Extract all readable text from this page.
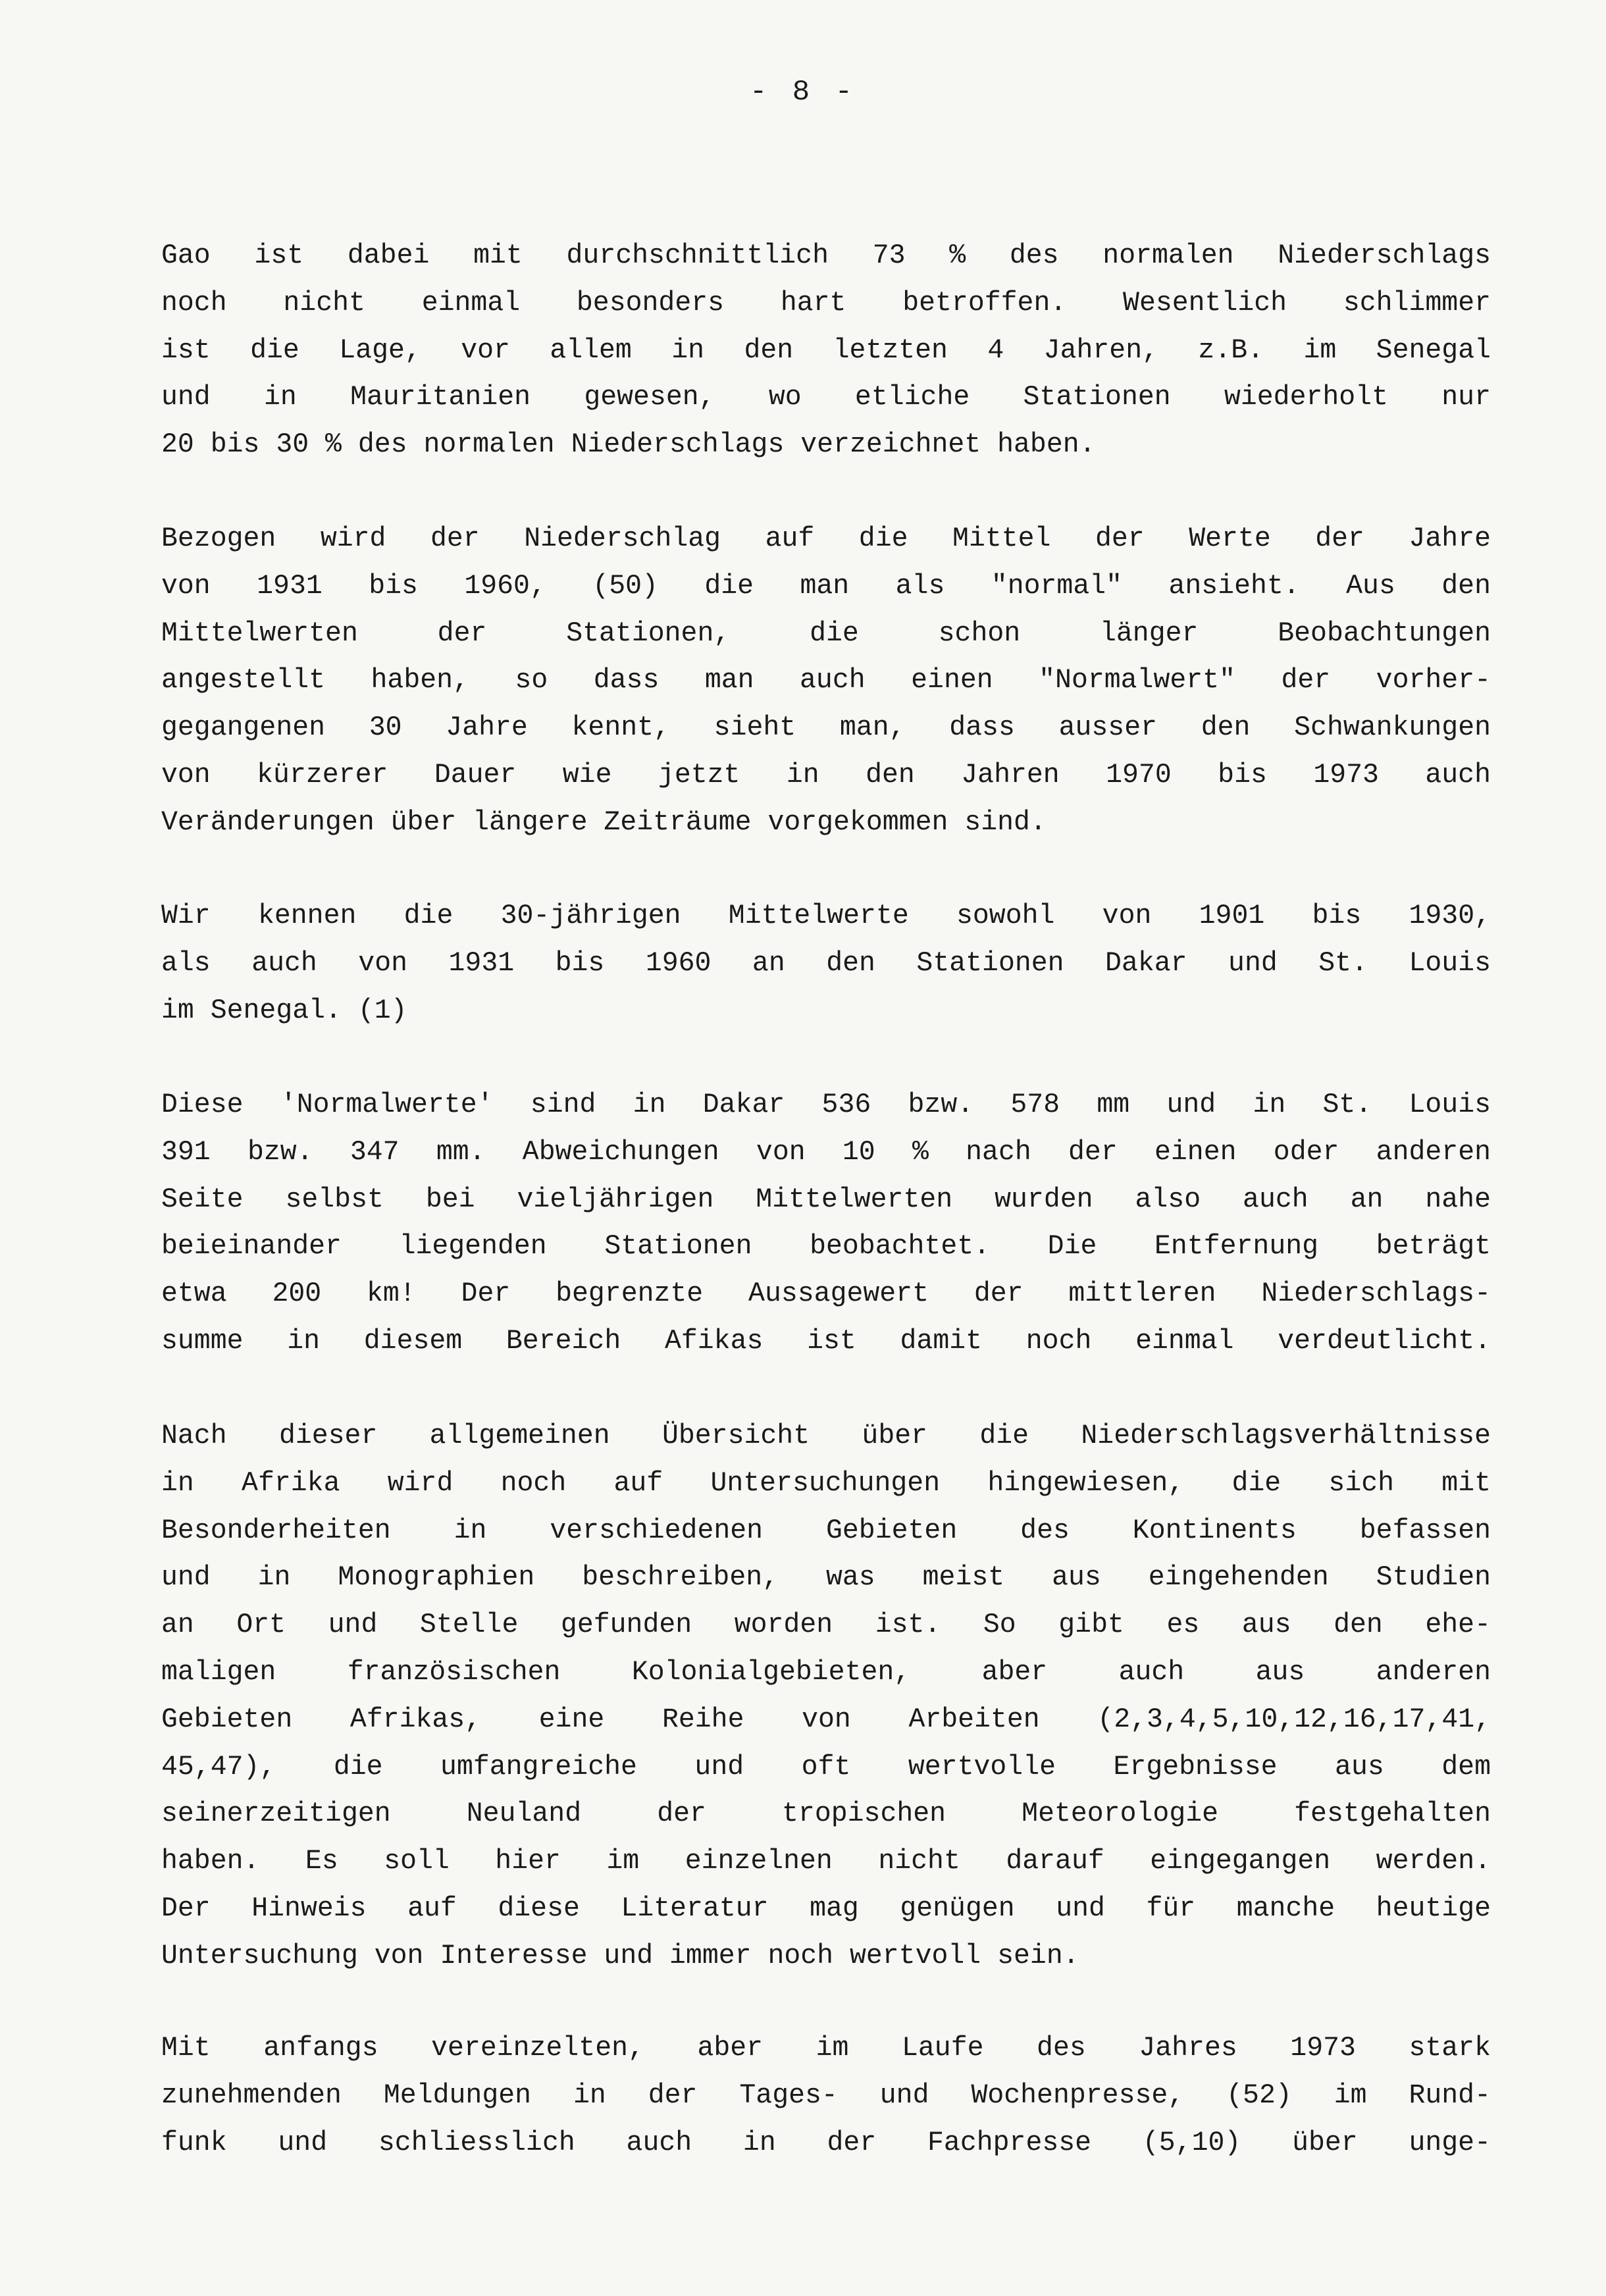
- 8 -
Gao ist dabei mit durchschnittlich 73 % des normalen Niederschlags
noch nicht einmal besonders hart betroffen. Wesentlich schlimmer
ist die Lage, vor allem in den letzten 4 Jahren, z.B. im Senegal
und in Mauritanien gewesen, wo etliche Stationen wiederholt nur
20 bis 30 % des normalen Niederschlags verzeichnet haben.
Bezogen wird der Niederschlag auf die Mittel der Werte der Jahre
von 1931 bis 1960, (50) die man als "normal" ansieht. Aus den
Mittelwerten der Stationen, die schon länger Beobachtungen
angestellt haben, so dass man auch einen "Normalwert" der vorher-
gegangenen 30 Jahre kennt, sieht man, dass ausser den Schwankungen
von kürzerer Dauer wie jetzt in den Jahren 1970 bis 1973 auch
Veränderungen über längere Zeiträume vorgekommen sind.
Wir kennen die 30-jährigen Mittelwerte sowohl von 1901 bis 1930,
als auch von 1931 bis 1960 an den Stationen Dakar und St. Louis
im Senegal. (1)
Diese 'Normalwerte' sind in Dakar 536 bzw. 578 mm und in St. Louis
391 bzw. 347 mm. Abweichungen von 10 % nach der einen oder anderen
Seite selbst bei vieljährigen Mittelwerten wurden also auch an nahe
beieinander liegenden Stationen beobachtet. Die Entfernung beträgt
etwa 200 km! Der begrenzte Aussagewert der mittleren Niederschlags-
summe in diesem Bereich Afikas ist damit noch einmal verdeutlicht.
Nach dieser allgemeinen Übersicht über die Niederschlagsverhältnisse
in Afrika wird noch auf Untersuchungen hingewiesen, die sich mit
Besonderheiten in verschiedenen Gebieten des Kontinents befassen
und in Monographien beschreiben, was meist aus eingehenden Studien
an Ort und Stelle gefunden worden ist. So gibt es aus den ehe-
maligen französischen Kolonialgebieten, aber auch aus anderen
Gebieten Afrikas, eine Reihe von Arbeiten (2,3,4,5,10,12,16,17,41,
45,47), die umfangreiche und oft wertvolle Ergebnisse aus dem
seinerzeitigen Neuland der tropischen Meteorologie festgehalten
haben. Es soll hier im einzelnen nicht darauf eingegangen werden.
Der Hinweis auf diese Literatur mag genügen und für manche heutige
Untersuchung von Interesse und immer noch wertvoll sein.
Mit anfangs vereinzelten, aber im Laufe des Jahres 1973 stark
zunehmenden Meldungen in der Tages- und Wochenpresse, (52) im Rund-
funk und schliesslich auch in der Fachpresse (5,10) über unge-
